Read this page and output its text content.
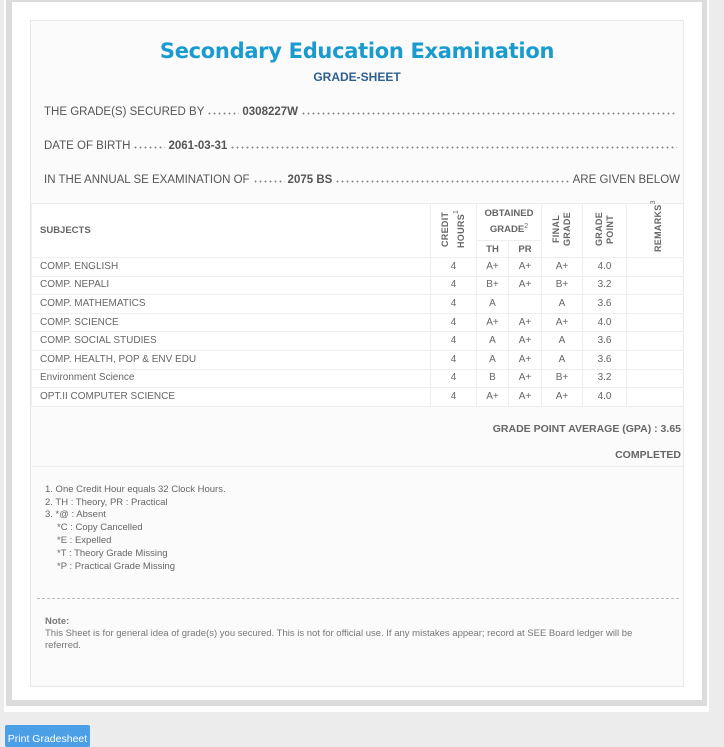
Secondary Education Examination
GRADE-SHEET
THE GRADE(S) SECURED BY	0308227W
DATE OF BIRTH	2061-03-31
IN THE ANNUAL SE EXAMINATION OF	2075 BS	ARE GIVEN BELOW
SUBJECTS	CREDIT HOURS$^1$	OBTAINED GRADE$^2$		FINAL GRADE	GRADE POINT	REMARKS$^3$
		TH	PR			
COMP. ENGLISH	4	A+	A+	A+	4.0	
COMP. NEPALI	4	B+	A+	B+	3.2	
COMP. MATHEMATICS	4	A		A	3.6	
COMP. SCIENCE	4	A+	A+	A+	4.0	
COMP. SOCIAL STUDIES	4	A	A+	A	3.6	
COMP. HEALTH, POP & ENV EDU	4	A	A+	A	3.6	
Environment Science	4	B	A+	B+	3.2	
OPT.II COMPUTER SCIENCE	4	A+	A+	A+	4.0	
GRADE POINT AVERAGE (GPA) : 3.65
COMPLETED
1. One Credit Hour equals 32 Clock Hours.
2. TH : Theory, PR : Practical
3. *@ : Absent
*C : Copy Cancelled
*E : Expelled
*T : Theory Grade Missing
*P : Practical Grade Missing
Note:
This Sheet is for general idea of grade(s) you secured. This is not for official use. If any mistakes appear; record at SEE Board ledger will be referred.
Print Gradesheet
